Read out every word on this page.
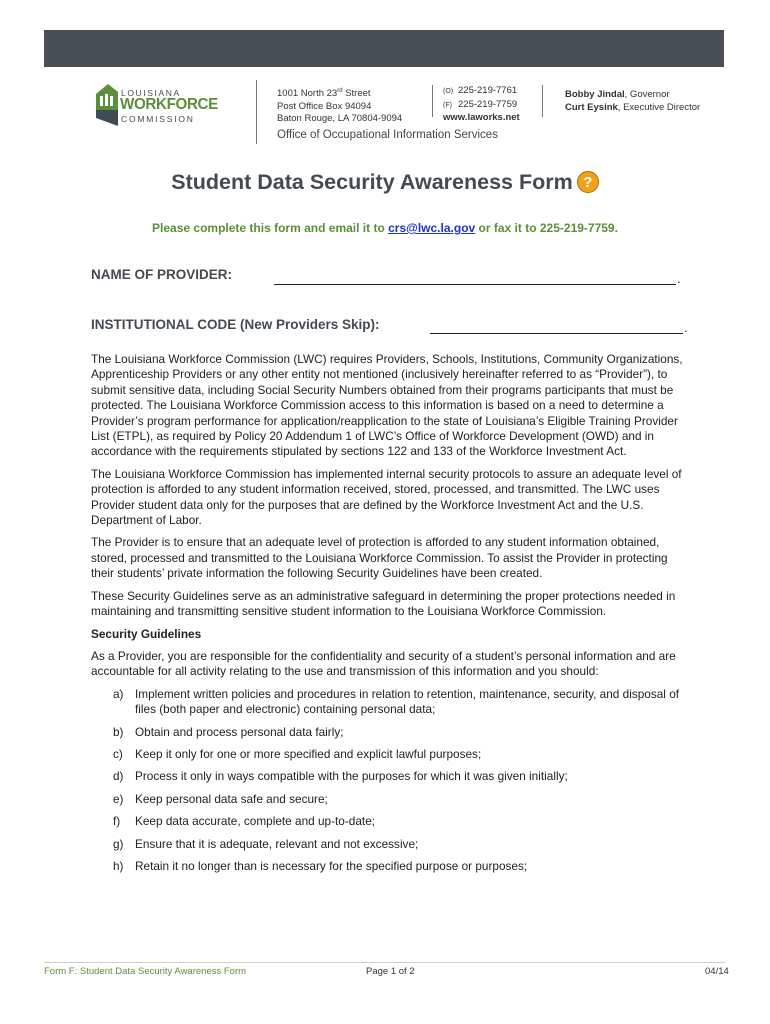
LOUISIANA
WORKFORCE
COMMISSION
1001 North 23rd Street
Post Office Box 94094
Baton Rouge, LA 70804-9094
(O) 225-219-7761
(F) 225-219-7759
www.laworks.net
Bobby Jindal, Governor
Curt Eysink, Executive Director
Office of Occupational Information Services
Student Data Security Awareness Form ?
Please complete this form and email it to crs@lwc.la.gov or fax it to 225-219-7759.
NAME OF PROVIDER:	.
INSTITUTIONAL CODE (New Providers Skip):	.

The Louisiana Workforce Commission (LWC) requires Providers, Schools, Institutions, Community Organizations, Apprenticeship Providers or any other entity not mentioned (inclusively hereinafter referred to as “Provider”), to submit sensitive data, including Social Security Numbers obtained from their programs participants that must be protected. The Louisiana Workforce Commission access to this information is based on a need to determine a Provider’s program performance for application/reapplication to the state of Louisiana’s Eligible Training Provider List (ETPL), as required by Policy 20 Addendum 1 of LWC’s Office of Workforce Development (OWD) and in accordance with the requirements stipulated by sections 122 and 133 of the Workforce Investment Act.

The Louisiana Workforce Commission has implemented internal security protocols to assure an adequate level of protection is afforded to any student information received, stored, processed, and transmitted. The LWC uses Provider student data only for the purposes that are defined by the Workforce Investment Act and the U.S. Department of Labor.

The Provider is to ensure that an adequate level of protection is afforded to any student information obtained, stored, processed and transmitted to the Louisiana Workforce Commission. To assist the Provider in protecting their students’ private information the following Security Guidelines have been created.

These Security Guidelines serve as an administrative safeguard in determining the proper protections needed in maintaining and transmitting sensitive student information to the Louisiana Workforce Commission.

Security Guidelines

As a Provider, you are responsible for the confidentiality and security of a student’s personal information and are accountable for all activity relating to the use and transmission of this information and you should:

a) Implement written policies and procedures in relation to retention, maintenance, security, and disposal of files (both paper and electronic) containing personal data;
b) Obtain and process personal data fairly;
c) Keep it only for one or more specified and explicit lawful purposes;
d) Process it only in ways compatible with the purposes for which it was given initially;
e) Keep personal data safe and secure;
f) Keep data accurate, complete and up-to-date;
g) Ensure that it is adequate, relevant and not excessive;
h) Retain it no longer than is necessary for the specified purpose or purposes;
Form F: Student Data Security Awareness Form	Page 1 of 2	04/14
